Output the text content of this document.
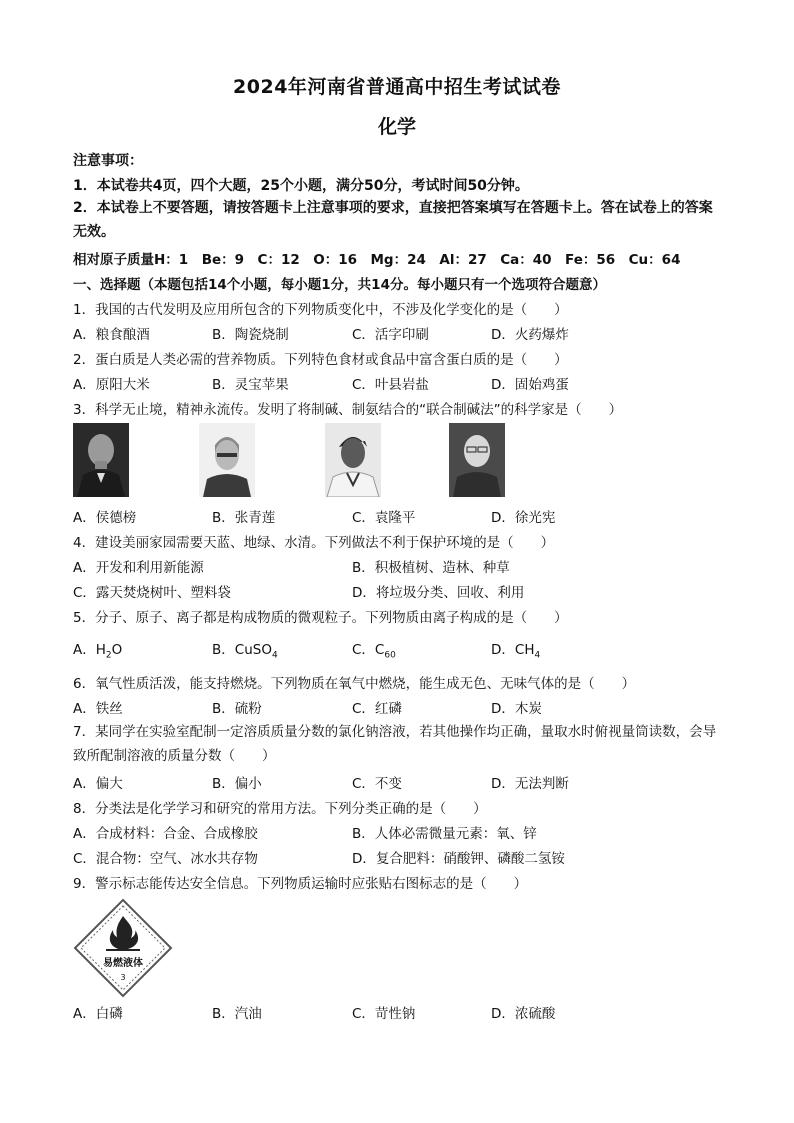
2024年河南省普通高中招生考试试卷
化学
注意事项：
1．本试卷共4页，四个大题，25个小题，满分50分，考试时间50分钟。
2．本试卷上不要答题，请按答题卡上注意事项的要求，直接把答案填写在答题卡上。答在试卷上的答案无效。
相对原子质量H：1　Be：9　C：12　O：16　Mg：24　Al：27　Ca：40　Fe：56　Cu：64
一、选择题（本题包括14个小题，每小题1分，共14分。每小题只有一个选项符合题意）
1．我国的古代发明及应用所包含的下列物质变化中，不涉及化学变化的是（　　）
A．粮食酿酒	B．陶瓷烧制	C．活字印刷	D．火药爆炸
2．蛋白质是人类必需的营养物质。下列特色食材或食品中富含蛋白质的是（　　）
A．原阳大米	B．灵宝苹果	C．叶县岩盐	D．固始鸡蛋
3．科学无止境，精神永流传。发明了将制碱、制氨结合的“联合制碱法”的科学家是（　　）
A．侯德榜	B．张青莲	C．袁隆平	D．徐光宪
4．建设美丽家园需要天蓝、地绿、水清。下列做法不利于保护环境的是（　　）
A．开发和利用新能源	B．积极植树、造林、种草
C．露天焚烧树叶、塑料袋	D．将垃圾分类、回收、利用
5．分子、原子、离子都是构成物质的微观粒子。下列物质由离子构成的是（　　）
A．$H_2O$	B．CuSO$_4$	C．$C_{60}$	D．$CH_4$
6．氧气性质活泼，能支持燃烧。下列物质在氧气中燃烧，能生成无色、无味气体的是（　　）
A．铁丝	B．硫粉	C．红磷	D．木炭
7．某同学在实验室配制一定溶质质量分数的氯化钠溶液，若其他操作均正确，量取水时俯视量筒读数，会导致所配制溶液的质量分数（　　）
A．偏大	B．偏小	C．不变	D．无法判断
8．分类法是化学学习和研究的常用方法。下列分类正确的是（　　）
A．合成材料：合金、合成橡胶	B．人体必需微量元素：氧、锌
C．混合物：空气、冰水共存物	D．复合肥料：硝酸钾、磷酸二氢铵
9．警示标志能传达安全信息。下列物质运输时应张贴右图标志的是（　　）
易燃液体
3
A．白磷	B．汽油	C．苛性钠	D．浓硫酸
